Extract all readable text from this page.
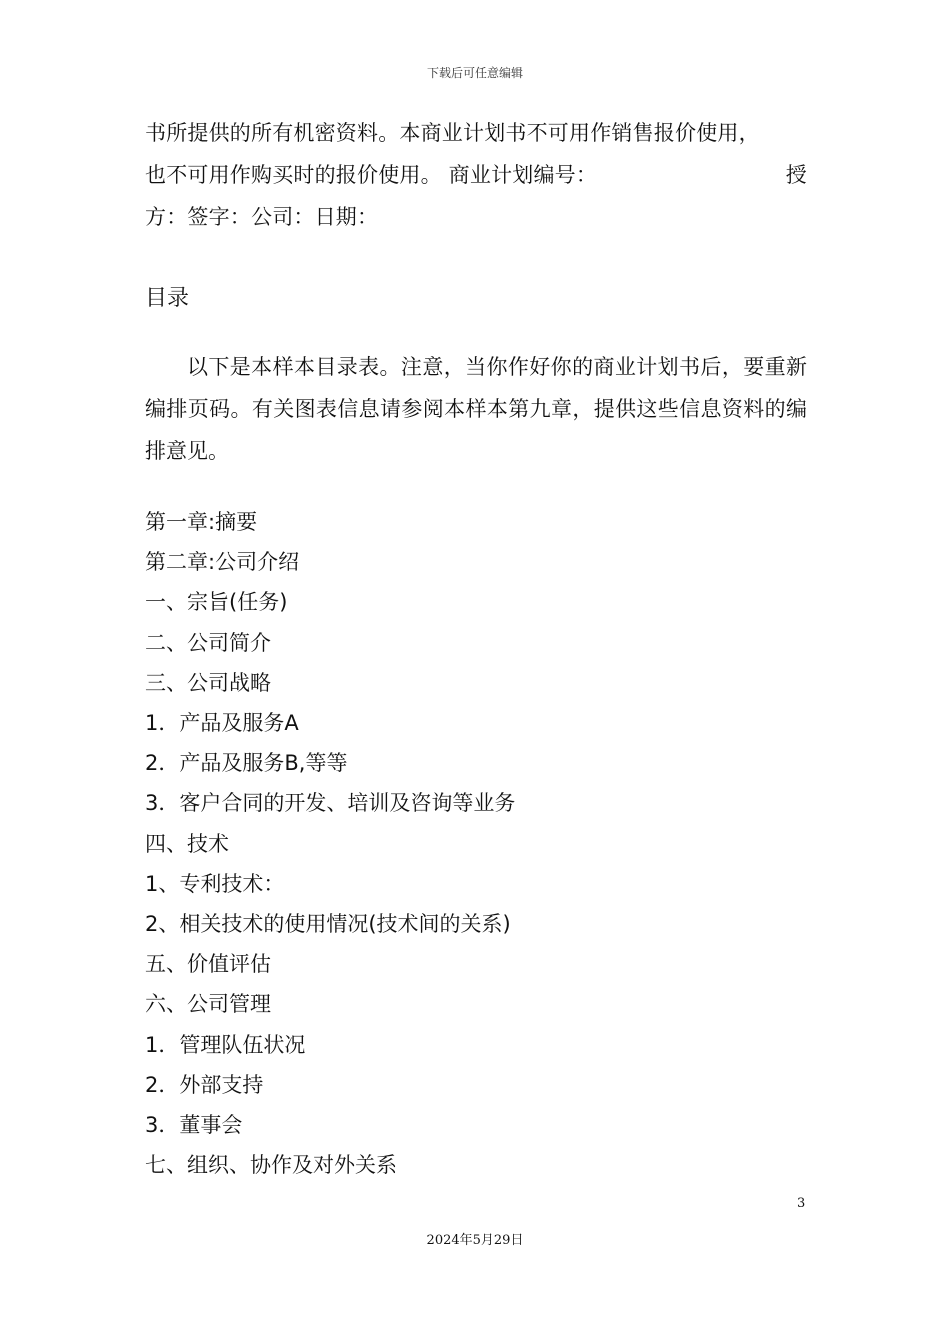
下载后可任意编辑

书所提供的所有机密资料。本商业计划书不可用作销售报价使用，

也不可用作购买时的报价使用。 商业计划编号：	授

方：签字：公司：日期：

目录

以下是本样本目录表。注意，当你作好你的商业计划书后，要重新编排页码。有关图表信息请参阅本样本第九章，提供这些信息资料的编排意见。

第一章:摘要
第二章:公司介绍
一、宗旨(任务)
二、公司简介
三、公司战略
1．产品及服务A
2．产品及服务B,等等
3．客户合同的开发、培训及咨询等业务
四、技术
1、专利技术：
2、相关技术的使用情况(技术间的关系)
五、价值评估
六、公司管理
1．管理队伍状况
2．外部支持
3．董事会
七、组织、协作及对外关系
3
2024年5月29日
